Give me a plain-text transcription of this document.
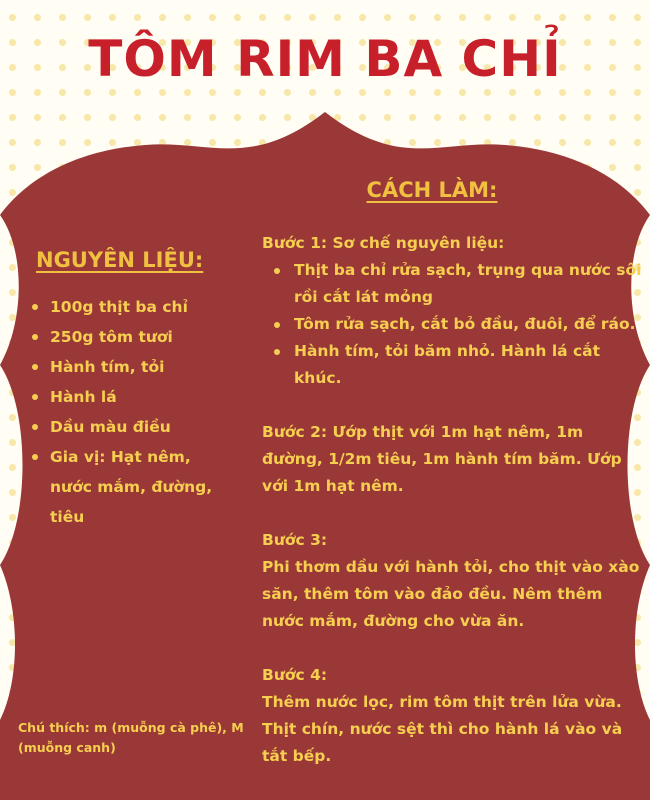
TÔM RIM BA CHỈ
NGUYÊN LIỆU:
100g thịt ba chỉ
250g tôm tươi
Hành tím, tỏi
Hành lá
Dầu màu điều
Gia vị: Hạt nêm, nước mắm, đường, tiêu
CÁCH LÀM:

Bước 1: Sơ chế nguyên liệu:

Thịt ba chỉ rửa sạch, trụng qua nước sôi rồi cắt lát mỏng
Tôm rửa sạch, cắt bỏ đầu, đuôi, để ráo.
Hành tím, tỏi băm nhỏ. Hành lá cắt khúc.

Bước 2: Ướp thịt với 1m hạt nêm, 1m đường, 1/2m tiêu, 1m hành tím băm. Ướp với 1m hạt nêm.

Bước 3:

Phi thơm dầu với hành tỏi, cho thịt vào xào săn, thêm tôm vào đảo đều. Nêm thêm nước mắm, đường cho vừa ăn.

Bước 4:

Thêm nước lọc, rim tôm thịt trên lửa vừa. Thịt chín, nước sệt thì cho hành lá vào và tắt bếp.

Chú thích: m (muỗng cà phê), M (muỗng canh)
